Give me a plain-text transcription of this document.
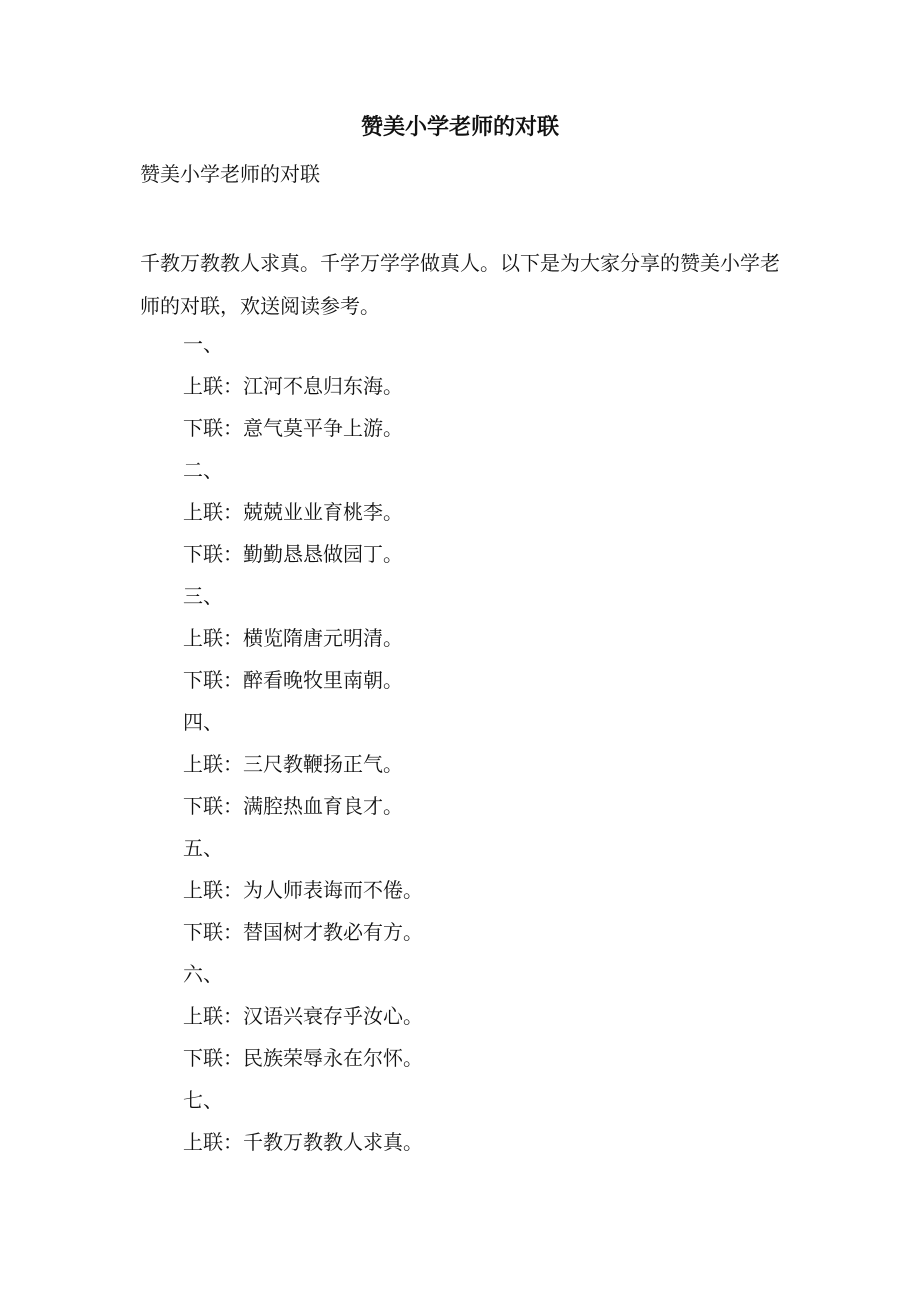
赞美小学老师的对联

赞美小学老师的对联

千教万教教人求真。千学万学学做真人。以下是为大家分享的赞美小学老师的对联，欢送阅读参考。

一、
上联：江河不息归东海。
下联：意气莫平争上游。
二、
上联：兢兢业业育桃李。
下联：勤勤恳恳做园丁。
三、
上联：横览隋唐元明清。
下联：醉看晚牧里南朝。
四、
上联：三尺教鞭扬正气。
下联：满腔热血育良才。
五、
上联：为人师表诲而不倦。
下联：替国树才教必有方。
六、
上联：汉语兴衰存乎汝心。
下联：民族荣辱永在尔怀。
七、
上联：千教万教教人求真。
